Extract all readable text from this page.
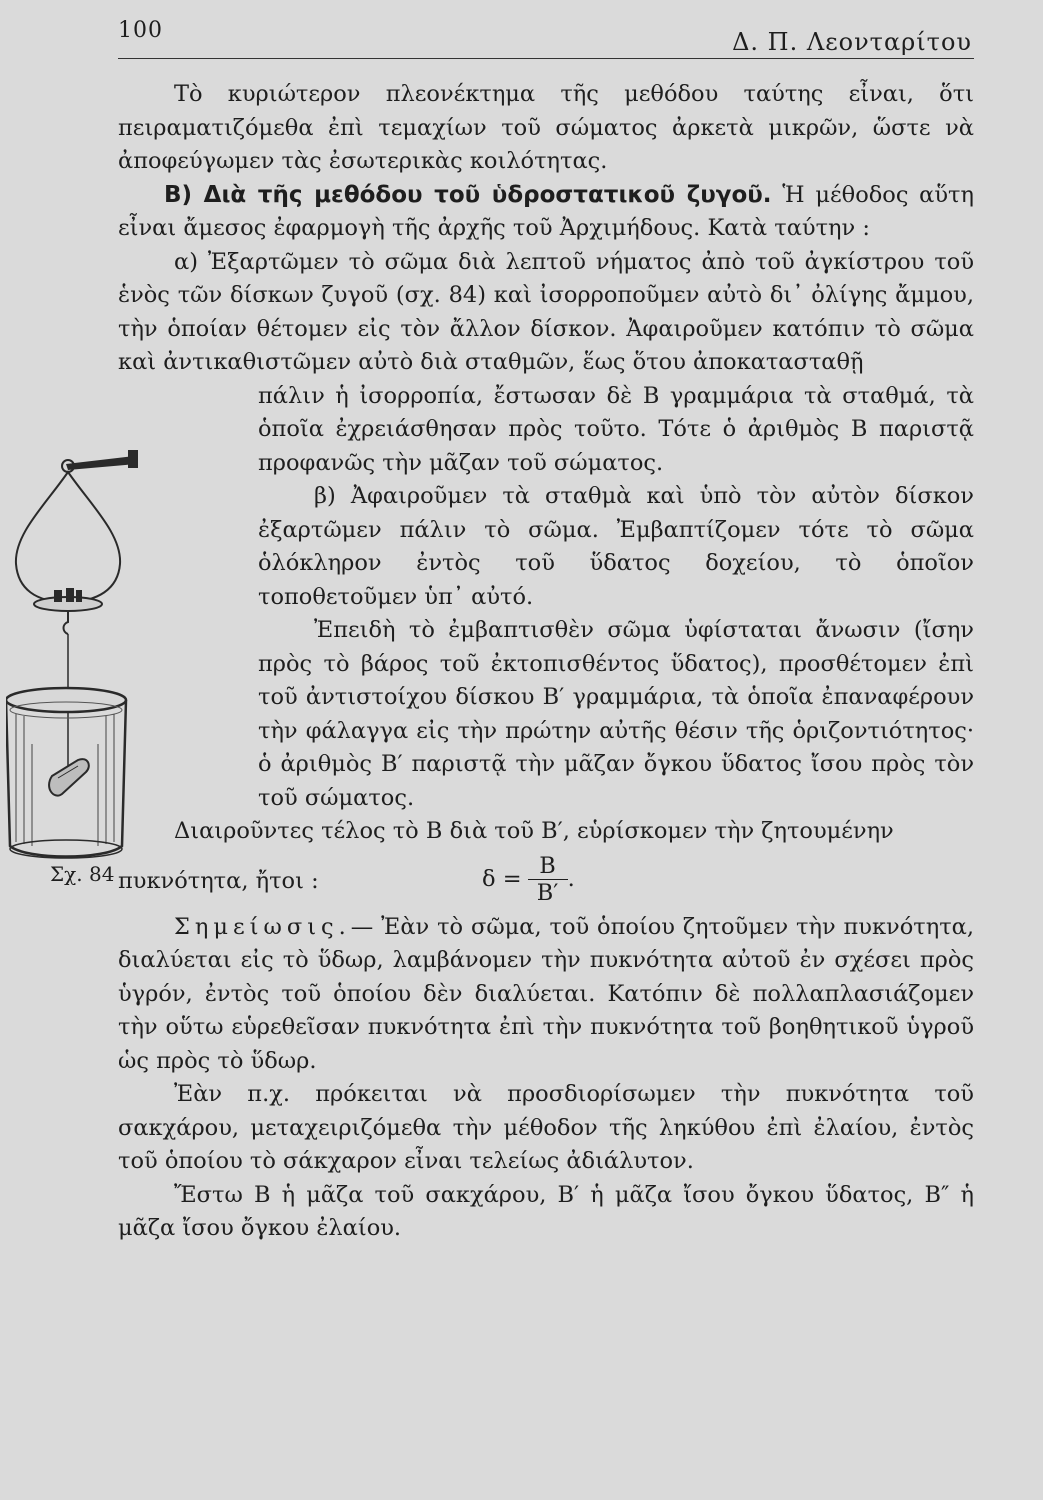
100	Δ. Π. Λεονταρίτου
Σχ. 84

Τὸ κυριώτερον πλεονέκτημα τῆς μεθόδου ταύτης εἶναι, ὅτι πειραματιζόμεθα ἐπὶ τεμαχίων τοῦ σώματος ἀρκετὰ μικρῶν, ὥστε νὰ ἀποφεύγωμεν τὰς ἐσωτερικὰς κοιλότητας.

Β) Διὰ τῆς μεθόδου τοῦ ὑδροστατικοῦ ζυγοῦ. Ἡ μέθοδος αὕτη εἶναι ἄμεσος ἐφαρμογὴ τῆς ἀρχῆς τοῦ Ἀρχιμήδους. Κατὰ ταύτην :

α) Ἐξαρτῶμεν τὸ σῶμα διὰ λεπτοῦ νήματος ἀπὸ τοῦ ἀγκίστρου τοῦ ἑνὸς τῶν δίσκων ζυγοῦ (σχ. 84) καὶ ἰσορροποῦμεν αὐτὸ δι᾽ ὀλίγης ἄμμου, τὴν ὁποίαν θέτομεν εἰς τὸν ἄλλον δίσκον. Ἀφαιροῦμεν κατόπιν τὸ σῶμα καὶ ἀντικαθιστῶμεν αὐτὸ διὰ σταθμῶν, ἕως ὅτου ἀποκατασταθῇ

πάλιν ἡ ἰσορροπία, ἔστωσαν δὲ Β γραμμάρια τὰ σταθμά, τὰ ὁποῖα ἐχρειάσθησαν πρὸς τοῦτο. Τότε ὁ ἀριθμὸς Β παριστᾷ προφανῶς τὴν μᾶζαν τοῦ σώματος.

β) Ἀφαιροῦμεν τὰ σταθμὰ καὶ ὑπὸ τὸν αὐτὸν δίσκον ἐξαρτῶμεν πάλιν τὸ σῶμα. Ἐμβαπτίζομεν τότε τὸ σῶμα ὁλόκληρον ἐντὸς τοῦ ὕδατος δοχείου, τὸ ὁποῖον τοποθετοῦμεν ὑπ᾽ αὐτό.

Ἐπειδὴ τὸ ἐμβαπτισθὲν σῶμα ὑφίσταται ἄνωσιν (ἴσην πρὸς τὸ βάρος τοῦ ἐκτοπισθέντος ὕδατος), προσθέτομεν ἐπὶ τοῦ ἀντιστοίχου δίσκου Β′ γραμμάρια, τὰ ὁποῖα ἐπαναφέρουν τὴν φάλαγγα εἰς τὴν πρώτην αὐτῆς θέσιν τῆς ὁριζοντιότητος· ὁ ἀριθμὸς Β′ παριστᾷ τὴν μᾶζαν ὄγκου ὕδατος ἴσου πρὸς τὸν τοῦ σώματος.

Διαιροῦντες τέλος τὸ Β διὰ τοῦ Β′, εὑρίσκομεν τὴν ζητουμένην

πυκνότητα, ἤτοι :	$\delta = \frac{B}{B'}$ .

Σημείωσις.— Ἐὰν τὸ σῶμα, τοῦ ὁποίου ζητοῦμεν τὴν πυκνότητα, διαλύεται εἰς τὸ ὕδωρ, λαμβάνομεν τὴν πυκνότητα αὐτοῦ ἐν σχέσει πρὸς ὑγρόν, ἐντὸς τοῦ ὁποίου δὲν διαλύεται. Κατόπιν δὲ πολλαπλασιάζομεν τὴν οὕτω εὑρεθεῖσαν πυκνότητα ἐπὶ τὴν πυκνότητα τοῦ βοηθητικοῦ ὑγροῦ ὡς πρὸς τὸ ὕδωρ.

Ἐὰν π.χ. πρόκειται νὰ προσδιορίσωμεν τὴν πυκνότητα τοῦ σακχάρου, μεταχειριζόμεθα τὴν μέθοδον τῆς ληκύθου ἐπὶ ἐλαίου, ἐντὸς τοῦ ὁποίου τὸ σάκχαρον εἶναι τελείως ἀδιάλυτον.

Ἔστω Β ἡ μᾶζα τοῦ σακχάρου, Β′ ἡ μᾶζα ἴσου ὄγκου ὕδατος, Β″ ἡ μᾶζα ἴσου ὄγκου ἐλαίου.
